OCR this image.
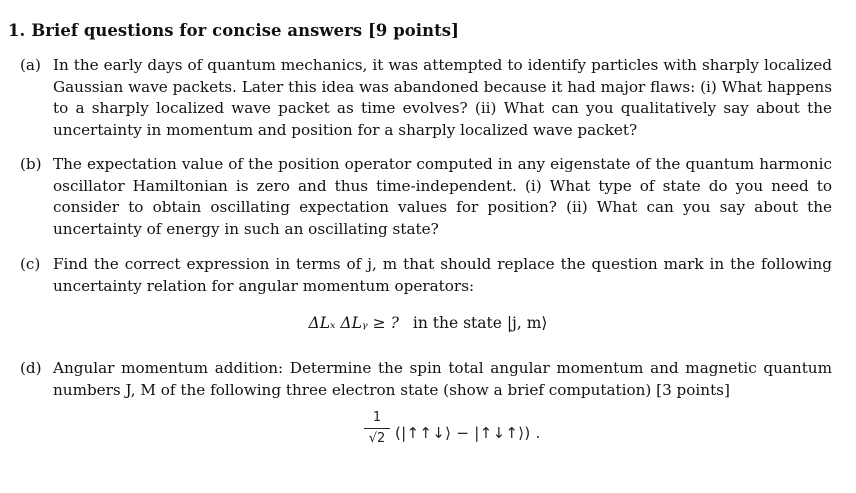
1. Brief questions for concise answers [9 points]
(a) In the early days of quantum mechanics, it was attempted to identify particles with sharply localized Gaussian wave packets. Later this idea was abandoned because it had major flaws: (i) What happens to a sharply localized wave packet as time evolves? (ii) What can you qualitatively say about the uncertainty in momentum and position for a sharply localized wave packet?
(b) The expectation value of the position operator computed in any eigenstate of the quantum harmonic oscillator Hamiltonian is zero and thus time-independent. (i) What type of state do you need to consider to obtain oscillating expectation values for position? (ii) What can you say about the uncertainty of energy in such an oscillating state?
(c) Find the correct expression in terms of j, m that should replace the question mark in the following uncertainty relation for angular momentum operators:
ΔLₓ ΔLᵧ ≥ ? in the state |j, m⟩
(d) Angular momentum addition: Determine the spin total angular momentum and magnetic quantum numbers J, M of the following three electron state (show a brief computation) [3 points]
1
√2 (|↑↑↓⟩ − |↑↓↑⟩) .
